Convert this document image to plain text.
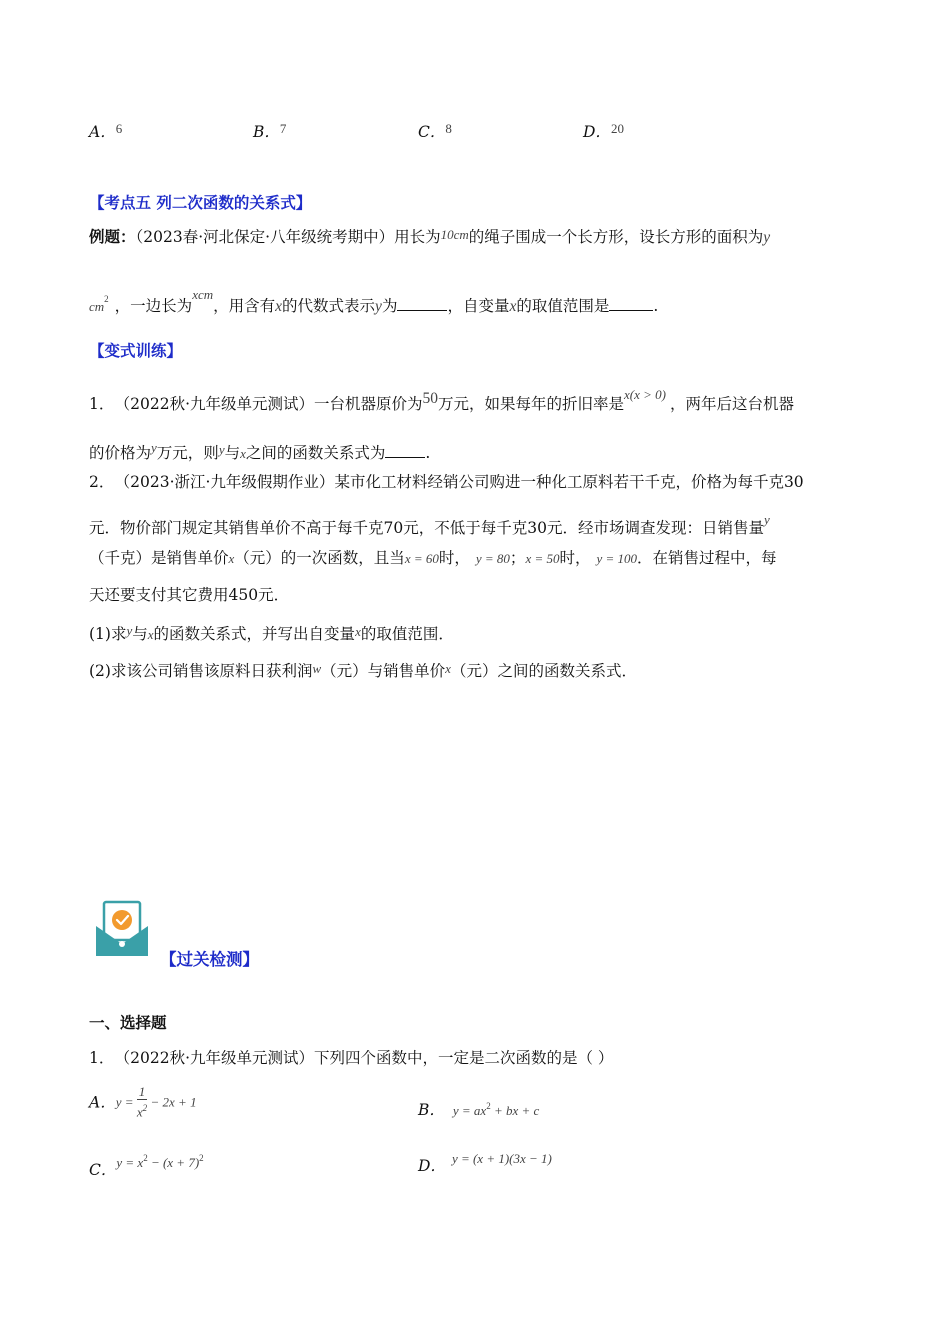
A．$^6$	B．$^7$	C．$^8$	D．$^{20}$
【考点五 列二次函数的关系式】
例题：（2023春·河北保定·八年级统考期中）用长为10cm的绳子围成一个长方形，设长方形的面积为y
$cm^2$ ，一边长为$^{xcm}$，用含有x的代数式表示y为	，自变量x的取值范围是	.
【变式训练】
1． （2022秋·九年级单元测试）一台机器原价为50万元，如果每年的折旧率是$^{x(x > 0)}$，两年后这台机器
的价格为$^y$万元，则$^y$与x之间的函数关系式为	.
2． （2023·浙江·九年级假期作业）某市化工材料经销公司购进一种化工原料若干千克，价格为每千克30
元．物价部门规定其销售单价不高于每千克70元，不低于每千克30元．经市场调查发现：日销售量$^y$
（千克）是销售单价x（元）的一次函数，且当x = 60时， y = 80；x = 50时， y = 100．在销售过程中，每
天还要支付其它费用450元．
(1)求$^y$与x的函数关系式，并写出自变量x的取值范围．
(2)求该公司销售该原料日获利润w（元）与销售单价x（元）之间的函数关系式．
【过关检测】
一、选择题
1． （2022秋·九年级单元测试）下列四个函数中，一定是二次函数的是（ ）
A．$y = \frac{1}{x^2} - 2x + 1$	B． $y = ax^2$ + bx + c
C．$y = x^2 - (x + 7)^2$	D． y = (x + 1)(3x − 1)
